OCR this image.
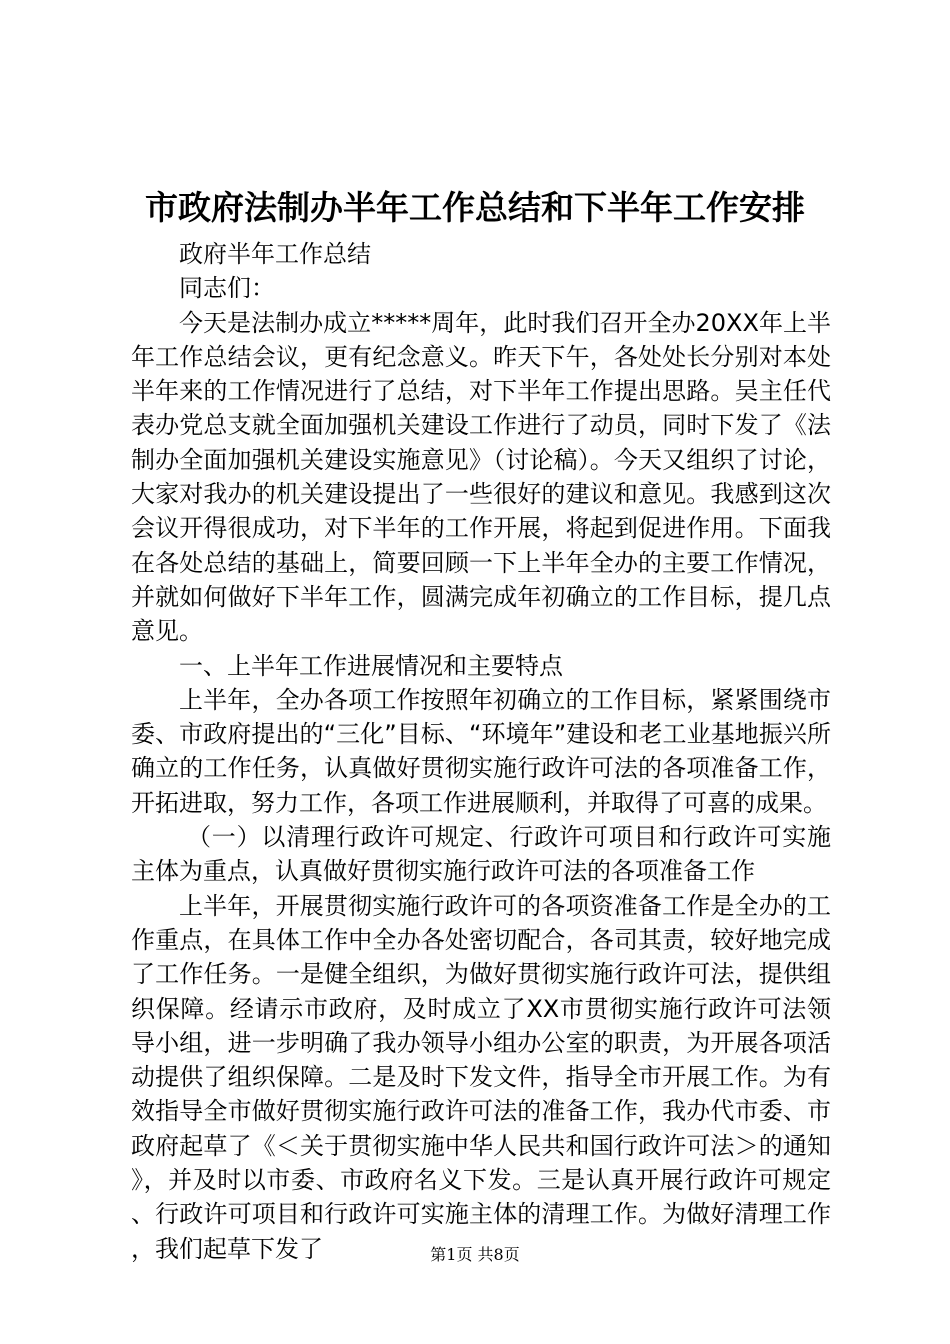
市政府法制办半年工作总结和下半年工作安排

政府半年工作总结

同志们：

今天是法制办成立*****周年，此时我们召开全办20XX年上半年工作总结会议，更有纪念意义。昨天下午，各处处长分别对本处半年来的工作情况进行了总结，对下半年工作提出思路。吴主任代表办党总支就全面加强机关建设工作进行了动员，同时下发了《法制办全面加强机关建设实施意见》（讨论稿）。今天又组织了讨论，大家对我办的机关建设提出了一些很好的建议和意见。我感到这次会议开得很成功，对下半年的工作开展，将起到促进作用。下面我在各处总结的基础上，简要回顾一下上半年全办的主要工作情况，并就如何做好下半年工作，圆满完成年初确立的工作目标，提几点意见。

一、上半年工作进展情况和主要特点

上半年，全办各项工作按照年初确立的工作目标，紧紧围绕市委、市政府提出的“三化”目标、“环境年”建设和老工业基地振兴所确立的工作任务，认真做好贯彻实施行政许可法的各项准备工作，开拓进取，努力工作，各项工作进展顺利，并取得了可喜的成果。

（一）以清理行政许可规定、行政许可项目和行政许可实施主体为重点，认真做好贯彻实施行政许可法的各项准备工作

上半年，开展贯彻实施行政许可的各项资准备工作是全办的工作重点，在具体工作中全办各处密切配合，各司其责，较好地完成了工作任务。一是健全组织，为做好贯彻实施行政许可法，提供组织保障。经请示市政府，及时成立了XX市贯彻实施行政许可法领导小组，进一步明确了我办领导小组办公室的职责，为开展各项活动提供了组织保障。二是及时下发文件，指导全市开展工作。为有效指导全市做好贯彻实施行政许可法的准备工作，我办代市委、市政府起草了《＜关于贯彻实施中华人民共和国行政许可法＞的通知》，并及时以市委、市政府名义下发。三是认真开展行政许可规定、行政许可项目和行政许可实施主体的清理工作。为做好清理工作，我们起草下发了	第1页 共8页
